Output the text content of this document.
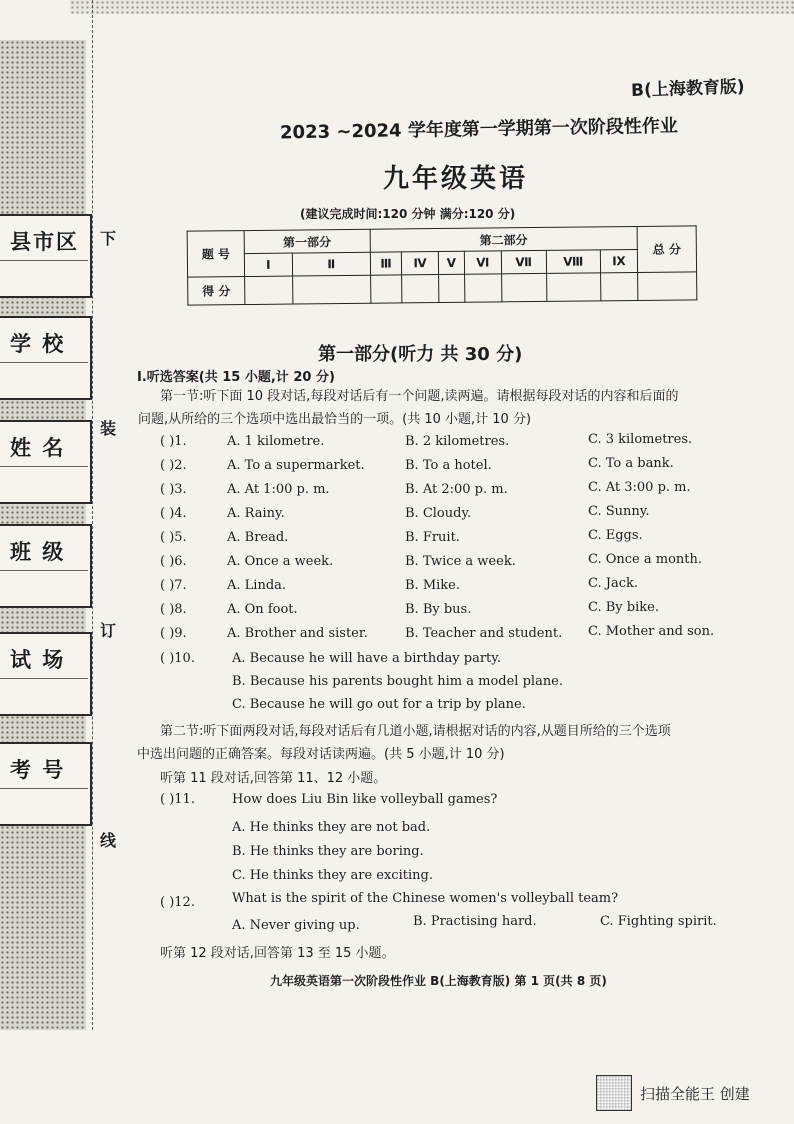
县市区
学 校
姓 名
班 级
试 场
考 号
下
装
订
线
B(上海教育版)
2023 ~2024 学年度第一学期第一次阶段性作业
九年级英语
(建议完成时间:120 分钟 满分:120 分)
题 号	第一部分		第二部分							总 分
	Ⅰ	Ⅱ	Ⅲ	Ⅳ	Ⅴ	Ⅵ	Ⅶ	Ⅷ	Ⅸ	
得 分										
第一部分(听力 共 30 分)
Ⅰ.听选答案(共 15 小题,计 20 分)
第一节:听下面 10 段对话,每段对话后有一个问题,读两遍。请根据每段对话的内容和后面的
问题,从所给的三个选项中选出最恰当的一项。(共 10 小题,计 10 分)
( )1.	A. 1 kilometre.	B. 2 kilometres.	C. 3 kilometres.
( )2.	A. To a supermarket.	B. To a hotel.	C. To a bank.
( )3.	A. At 1:00 p. m.	B. At 2:00 p. m.	C. At 3:00 p. m.
( )4.	A. Rainy.	B. Cloudy.	C. Sunny.
( )5.	A. Bread.	B. Fruit.	C. Eggs.
( )6.	A. Once a week.	B. Twice a week.	C. Once a month.
( )7.	A. Linda.	B. Mike.	C. Jack.
( )8.	A. On foot.	B. By bus.	C. By bike.
( )9.	A. Brother and sister.	B. Teacher and student. C. Mother and son.
( )10.	A. Because he will have a birthday party.
B. Because his parents bought him a model plane.
C. Because he will go out for a trip by plane.
第二节:听下面两段对话,每段对话后有几道小题,请根据对话的内容,从题目所给的三个选项
中选出问题的正确答案。每段对话读两遍。(共 5 小题,计 10 分)
听第 11 段对话,回答第 11、12 小题。
( )11.	How does Liu Bin like volleyball games?
A. He thinks they are not bad.
B. He thinks they are boring.
C. He thinks they are exciting.
( )12.	What is the spirit of the Chinese women's volleyball team?
A. Never giving up.	B. Practising hard.	C. Fighting spirit.
听第 12 段对话,回答第 13 至 15 小题。
九年级英语第一次阶段性作业 B(上海教育版) 第 1 页(共 8 页)
扫描全能王 创建
